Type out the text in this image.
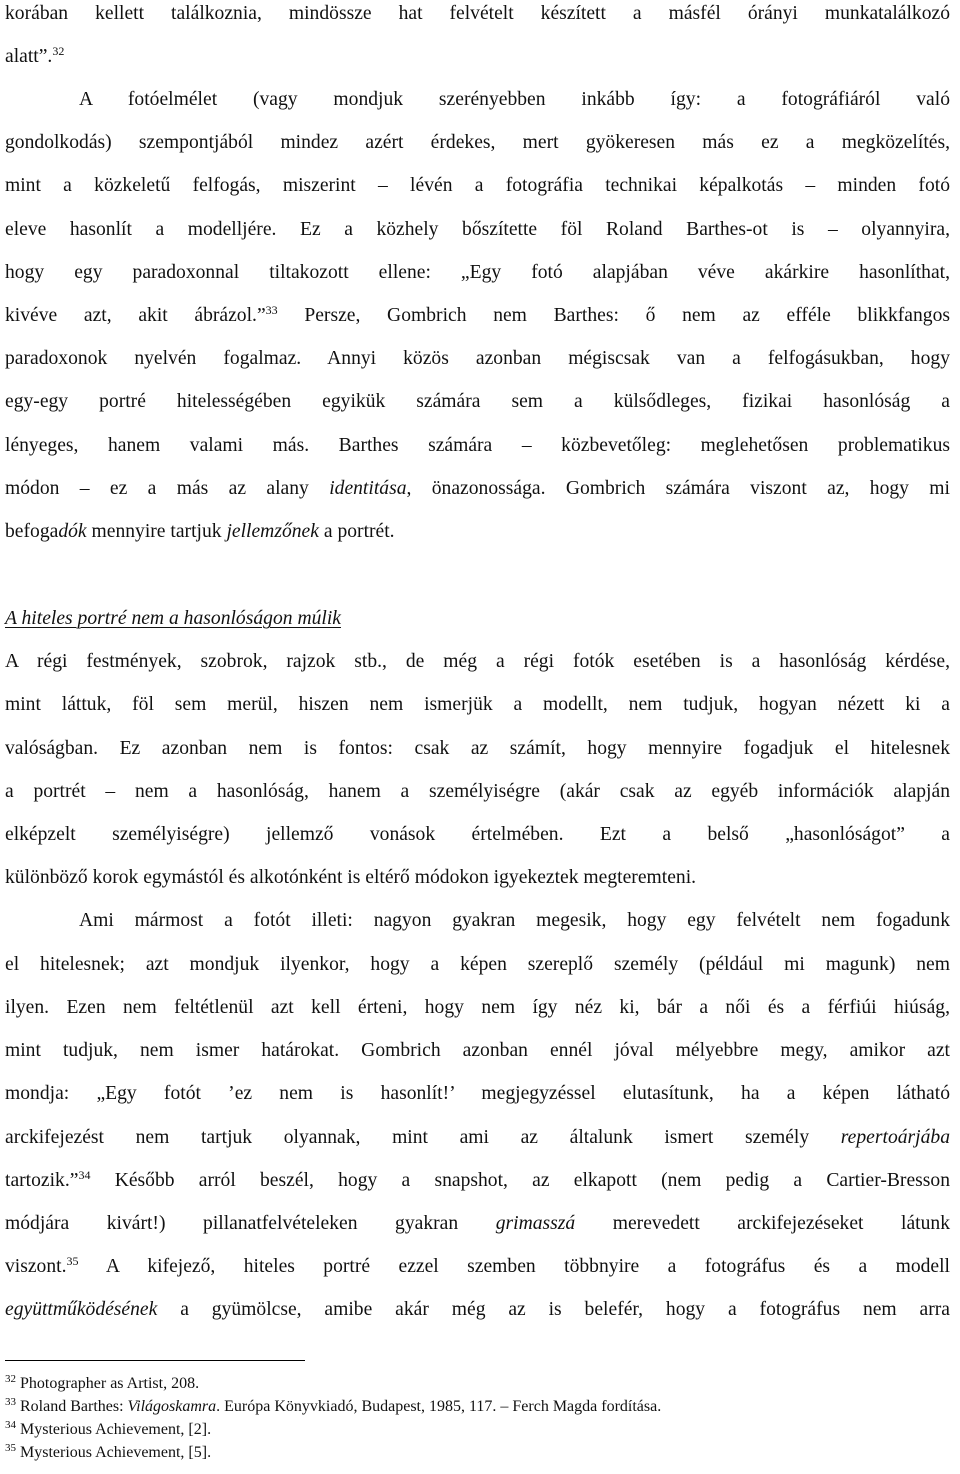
korában kellett találkoznia, mindössze hat felvételt készített a másfél órányi munkatalálkozó
alatt”.$^{32}$
A fotóelmélet (vagy mondjuk szerényebben inkább így: a fotográfiáról való
gondolkodás) szempontjából mindez azért érdekes, mert gyökeresen más ez a megközelítés,
mint a közkeletű felfogás, miszerint – lévén a fotográfia technikai képalkotás – minden fotó
eleve hasonlít a modelljére. Ez a közhely bőszítette föl Roland Barthes-ot is – olyannyira,
hogy egy paradoxonnal tiltakozott ellene: „Egy fotó alapjában véve akárkire hasonlíthat,
kivéve azt, akit ábrázol.”$^{33}$ Persze, Gombrich nem Barthes: ő nem az efféle blikkfangos
paradoxonok nyelvén fogalmaz. Annyi közös azonban mégiscsak van a felfogásukban, hogy
egy-egy portré hitelességében egyikük számára sem a külsődleges, fizikai hasonlóság a
lényeges, hanem valami más. Barthes számára – közbevetőleg: meglehetősen problematikus
módon – ez a más az alany identitása, önazonossága. Gombrich számára viszont az, hogy mi
befogadók mennyire tartjuk jellemzőnek a portrét.
A hiteles portré nem a hasonlóságon múlik
A régi festmények, szobrok, rajzok stb., de még a régi fotók esetében is a hasonlóság kérdése,
mint láttuk, föl sem merül, hiszen nem ismerjük a modellt, nem tudjuk, hogyan nézett ki a
valóságban. Ez azonban nem is fontos: csak az számít, hogy mennyire fogadjuk el hitelesnek
a portrét – nem a hasonlóság, hanem a személyiségre (akár csak az egyéb információk alapján
elképzelt személyiségre) jellemző vonások értelmében. Ezt a belső „hasonlóságot” a
különböző korok egymástól és alkotónként is eltérő módokon igyekeztek megteremteni.
Ami mármost a fotót illeti: nagyon gyakran megesik, hogy egy felvételt nem fogadunk
el hitelesnek; azt mondjuk ilyenkor, hogy a képen szereplő személy (például mi magunk) nem
ilyen. Ezen nem feltétlenül azt kell érteni, hogy nem így néz ki, bár a női és a férfiúi hiúság,
mint tudjuk, nem ismer határokat. Gombrich azonban ennél jóval mélyebbre megy, amikor azt
mondja: „Egy fotót ’ez nem is hasonlít!’ megjegyzéssel elutasítunk, ha a képen látható
arckifejezést nem tartjuk olyannak, mint ami az általunk ismert személy repertoárjába
tartozik.”$^{34}$ Később arról beszél, hogy a snapshot, az elkapott (nem pedig a Cartier-Bresson
módjára kivárt!) pillanatfelvételeken gyakran grimasszá merevedett arckifejezéseket látunk
viszont.$^{35}$ A kifejező, hiteles portré ezzel szemben többnyire a fotográfus és a modell
együttműködésének a gyümölcse, amibe akár még az is belefér, hogy a fotográfus nem arra
$^{32}$ Photographer as Artist, 208.
$^{33}$ Roland Barthes: Világoskamra. Európa Könyvkiadó, Budapest, 1985, 117. – Ferch Magda fordítása.
$^{34}$ Mysterious Achievement, [2].
$^{35}$ Mysterious Achievement, [5].
